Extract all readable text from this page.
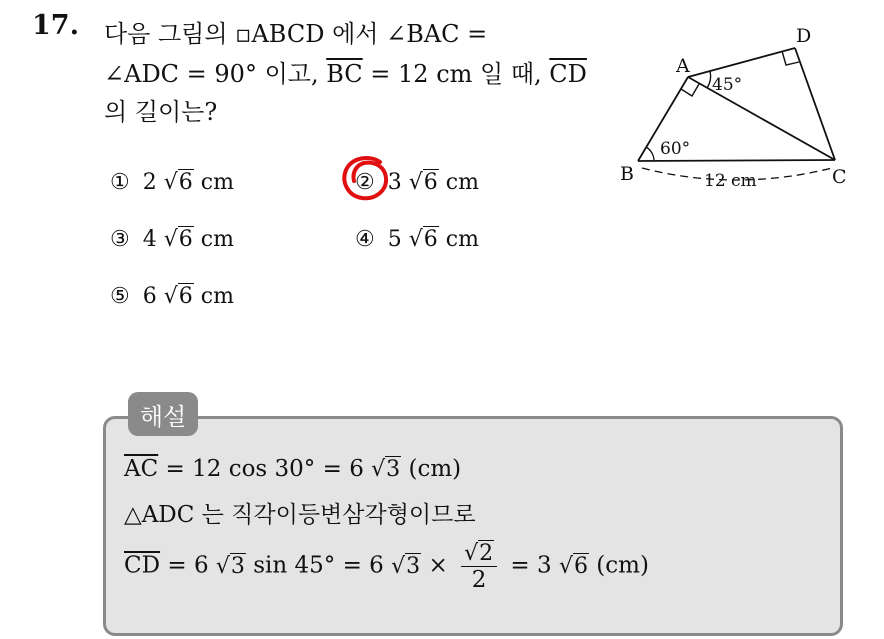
17. 다음 그림의 ▫ABCD 에서 ∠BAC =
∠ADC = 90° 이고, $\overline{BC} = 12$ cm 일 때, $\overline{CD}$
의 길이는?
① 2 √6 cm	② 3 √6 cm
③ 4 √6 cm	④ 5 √6 cm
⑤ 6 √6 cm
A
B	C
D
60°
45°
12 cm
해설
$\overline{AC} = 12$ cos 30° = 6 √3 (cm)
△ADC 는 직각이등변삼각형이므로
$\overline{CD} = 6$ √3 sin 45° = 6 $√3 \times \frac{√2}{2} = 3$ √6 (cm)
